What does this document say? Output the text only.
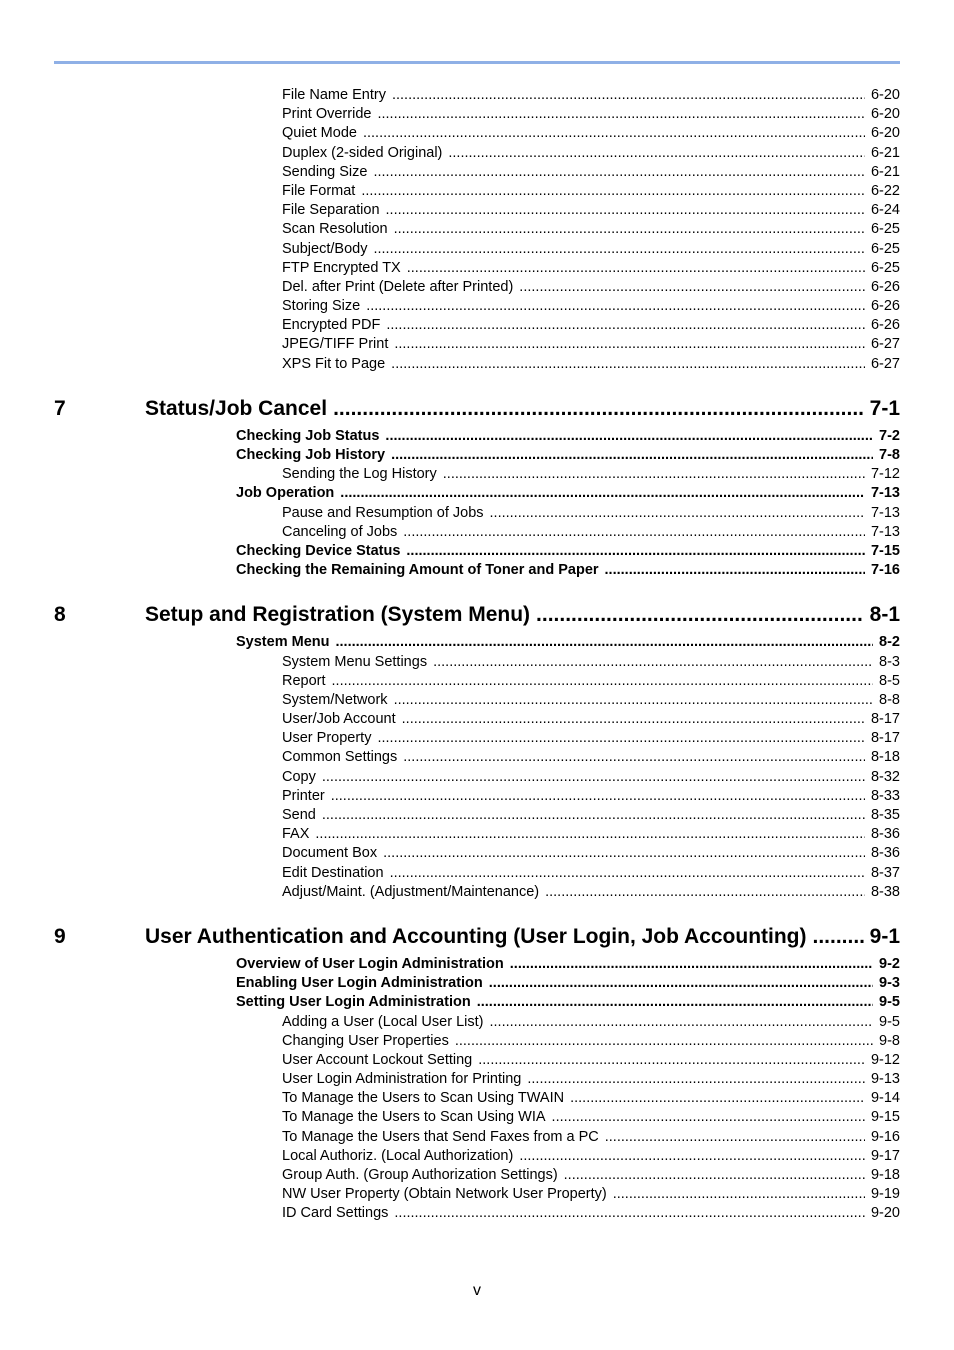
File Name Entry .....	6-20
Print Override .....	6-20
Quiet Mode .....	6-20
Duplex (2-sided Original) .....	6-21
Sending Size .....	6-21
File Format .....	6-22
File Separation .....	6-24
Scan Resolution .....	6-25
Subject/Body .....	6-25
FTP Encrypted TX .....	6-25
Del. after Print (Delete after Printed) .....	6-26
Storing Size .....	6-26
Encrypted PDF .....	6-26
JPEG/TIFF Print .....	6-27
XPS Fit to Page .....	6-27
7	Status/Job Cancel .....	7-1
Checking Job Status .....	7-2
Checking Job History .....	7-8
Sending the Log History .....	7-12
Job Operation .....	7-13
Pause and Resumption of Jobs .....	7-13
Canceling of Jobs .....	7-13
Checking Device Status .....	7-15
Checking the Remaining Amount of Toner and Paper .....	7-16
8	Setup and Registration (System Menu) .....	8-1
System Menu .....	8-2
System Menu Settings .....	8-3
Report .....	8-5
System/Network .....	8-8
User/Job Account .....	8-17
User Property .....	8-17
Common Settings .....	8-18
Copy .....	8-32
Printer .....	8-33
Send .....	8-35
FAX .....	8-36
Document Box .....	8-36
Edit Destination .....	8-37
Adjust/Maint. (Adjustment/Maintenance) .....	8-38
9	User Authentication and Accounting (User Login, Job Accounting) .....	9-1
Overview of User Login Administration .....	9-2
Enabling User Login Administration .....	9-3
Setting User Login Administration .....	9-5
Adding a User (Local User List) .....	9-5
Changing User Properties .....	9-8
User Account Lockout Setting .....	9-12
User Login Administration for Printing .....	9-13
To Manage the Users to Scan Using TWAIN .....	9-14
To Manage the Users to Scan Using WIA .....	9-15
To Manage the Users that Send Faxes from a PC .....	9-16
Local Authoriz. (Local Authorization) .....	9-17
Group Auth. (Group Authorization Settings) .....	9-18
NW User Property (Obtain Network User Property) .....	9-19
ID Card Settings .....	9-20
v
